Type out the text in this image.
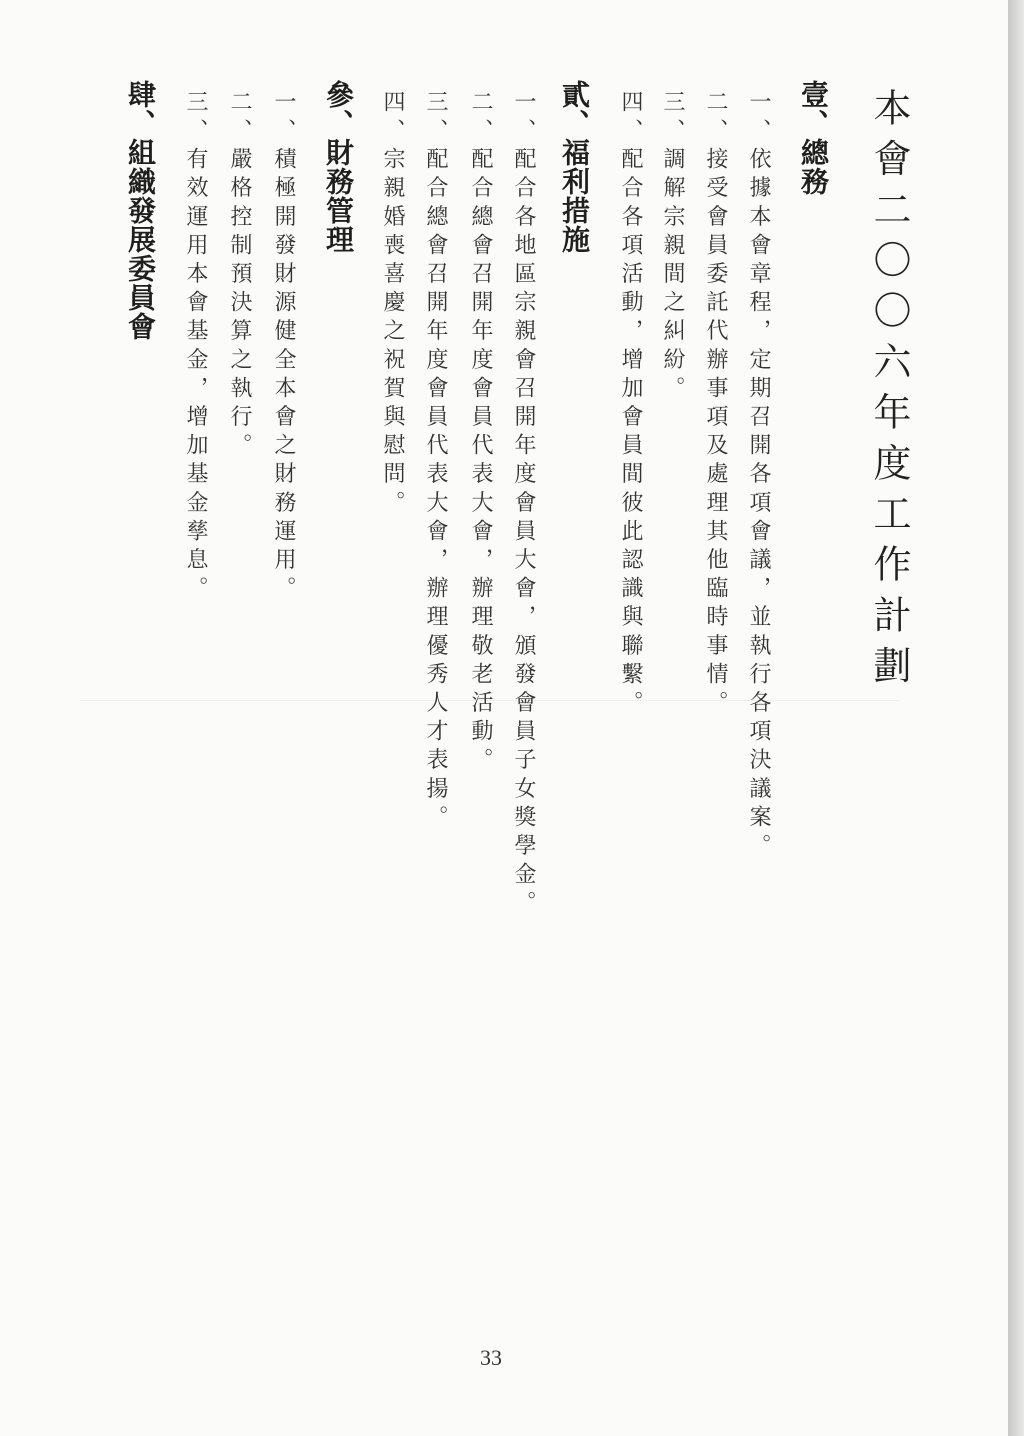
本會二〇〇六年度工作計劃
壹、總務
一、依據本會章程，定期召開各項會議，並執行各項決議案。
二、接受會員委託代辦事項及處理其他臨時事情。
三、調解宗親間之糾紛。
四、配合各項活動，增加會員間彼此認識與聯繫。
貳、福利措施
一、配合各地區宗親會召開年度會員大會，頒發會員子女獎學金。
二、配合總會召開年度會員代表大會，辦理敬老活動。
三、配合總會召開年度會員代表大會，辦理優秀人才表揚。
四、宗親婚喪喜慶之祝賀與慰問。
參、財務管理
一、積極開發財源健全本會之財務運用。
二、嚴格控制預決算之執行。
三、有效運用本會基金，增加基金孳息。
肆、組織發展委員會
33
